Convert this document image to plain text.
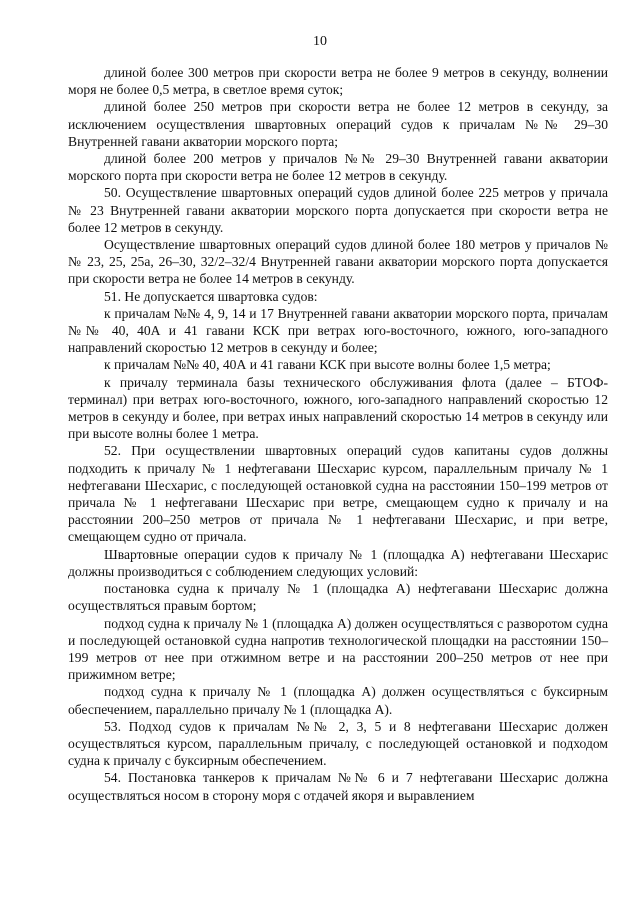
10

длиной более 300 метров при скорости ветра не более 9 метров в секунду, волнении моря не более 0,5 метра, в светлое время суток;

длиной более 250 метров при скорости ветра не более 12 метров в секунду, за исключением осуществления швартовных операций судов к причалам №№ 29–30 Внутренней гавани акватории морского порта;

длиной более 200 метров у причалов №№ 29–30 Внутренней гавани акватории морского порта при скорости ветра не более 12 метров в секунду.

50. Осуществление швартовных операций судов длиной более 225 метров у причала № 23 Внутренней гавани акватории морского порта допускается при скорости ветра не более 12 метров в секунду.

Осуществление швартовных операций судов длиной более 180 метров у причалов №№ 23, 25, 25а, 26–30, 32/2–32/4 Внутренней гавани акватории морского порта допускается при скорости ветра не более 14 метров в секунду.

51. Не допускается швартовка судов:

к причалам №№ 4, 9, 14 и 17 Внутренней гавани акватории морского порта, причалам №№ 40, 40А и 41 гавани КСК при ветрах юго-восточного, южного, юго-западного направлений скоростью 12 метров в секунду и более;

к причалам №№ 40, 40А и 41 гавани КСК при высоте волны более 1,5 метра;

к причалу терминала базы технического обслуживания флота (далее – БТОФ-терминал) при ветрах юго-восточного, южного, юго-западного направлений скоростью 12 метров в секунду и более, при ветрах иных направлений скоростью 14 метров в секунду или при высоте волны более 1 метра.

52. При осуществлении швартовных операций судов капитаны судов должны подходить к причалу № 1 нефтегавани Шесхарис курсом, параллельным причалу № 1 нефтегавани Шесхарис, с последующей остановкой судна на расстоянии 150–199 метров от причала № 1 нефтегавани Шесхарис при ветре, смещающем судно к причалу и на расстоянии 200–250 метров от причала № 1 нефтегавани Шесхарис, и при ветре, смещающем судно от причала.

Швартовные операции судов к причалу № 1 (площадка А) нефтегавани Шесхарис должны производиться с соблюдением следующих условий:

постановка судна к причалу № 1 (площадка А) нефтегавани Шесхарис должна осуществляться правым бортом;

подход судна к причалу № 1 (площадка А) должен осуществляться с разворотом судна и последующей остановкой судна напротив технологической площадки на расстоянии 150–199 метров от нее при отжимном ветре и на расстоянии 200–250 метров от нее при прижимном ветре;

подход судна к причалу № 1 (площадка А) должен осуществляться с буксирным обеспечением, параллельно причалу № 1 (площадка А).

53. Подход судов к причалам №№ 2, 3, 5 и 8 нефтегавани Шесхарис должен осуществляться курсом, параллельным причалу, с последующей остановкой и подходом судна к причалу с буксирным обеспечением.

54. Постановка танкеров к причалам №№ 6 и 7 нефтегавани Шесхарис должна осуществляться носом в сторону моря с отдачей якоря и выравлением
